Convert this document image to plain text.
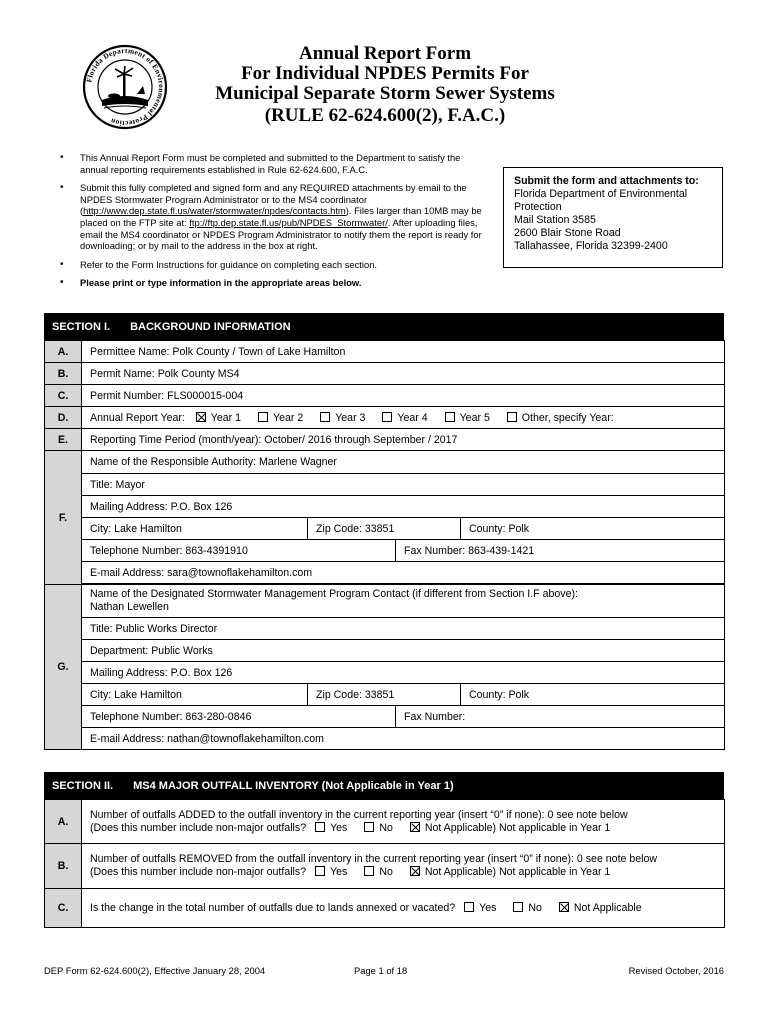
Florida Department of Environmental Protection
Annual Report Form
For Individual NPDES Permits For
Municipal Separate Storm Sewer Systems
(RULE 62-624.600(2), F.A.C.)
• This Annual Report Form must be completed and submitted to the Department to satisfy the annual reporting requirements established in Rule 62-624.600, F.A.C.
• Submit this fully completed and signed form and any REQUIRED attachments by email to the NPDES Stormwater Program Administrator or to the MS4 coordinator (http://www.dep.state.fl.us/water/stormwater/npdes/contacts.htm). Files larger than 10MB may be placed on the FTP site at: ftp://ftp.dep.state.fl.us/pub/NPDES_Stormwater/. After uploading files, email the MS4 coordinator or NPDES Program Administrator to notify them the report is ready for downloading; or by mail to the address in the box at right.
• Refer to the Form Instructions for guidance on completing each section.
• Please print or type information in the appropriate areas below.
Submit the form and attachments to:
Florida Department of Environmental Protection
Mail Station 3585
2600 Blair Stone Road
Tallahassee, Florida 32399-2400
SECTION I. BACKGROUND INFORMATION
A.	Permittee Name: Polk County / Town of Lake Hamilton			
B.	Permit Name: Polk County MS4			
C.	Permit Number: FLS000015-004			
D.	Annual Report Year: Year 1 Year 2 Year 3 Year 4 Year 5 Other, specify Year:			
E.	Reporting Time Period (month/year): October/ 2016 through September / 2017			
F.	Name of the Responsible Authority: Marlene Wagner			
	Title: Mayor			
	Mailing Address: P.O. Box 126			
	City: Lake Hamilton	Zip Code: 33851		County: Polk
	Telephone Number: 863-4391910		Fax Number: 863-439-1421	
	E-mail Address: sara@townoflakehamilton.com			

G.	Name of the Designated Stormwater Management Program Contact (if different from Section I.F above):
Nathan Lewellen			

	Title: Public Works Director			
	Department: Public Works			
	Mailing Address: P.O. Box 126			
	City: Lake Hamilton	Zip Code: 33851		County: Polk
	Telephone Number: 863-280-0846		Fax Number:	
	E-mail Address: nathan@townoflakehamilton.com			
SECTION II. MS4 MAJOR OUTFALL INVENTORY (Not Applicable in Year 1)
A.	Number of outfalls ADDED to the outfall inventory in the current reporting year (insert “0” if none): 0 see note below
(Does this number include non-major outfalls? Yes No Not Applicable) Not applicable in Year 1

B.	Number of outfalls REMOVED from the outfall inventory in the current reporting year (insert “0” if none): 0 see note below
(Does this number include non-major outfalls? Yes No Not Applicable) Not applicable in Year 1

C.	Is the change in the total number of outfalls due to lands annexed or vacated? Yes No Not Applicable
DEP Form 62-624.600(2), Effective January 28, 2004	Page 1 of 18	Revised October, 2016
